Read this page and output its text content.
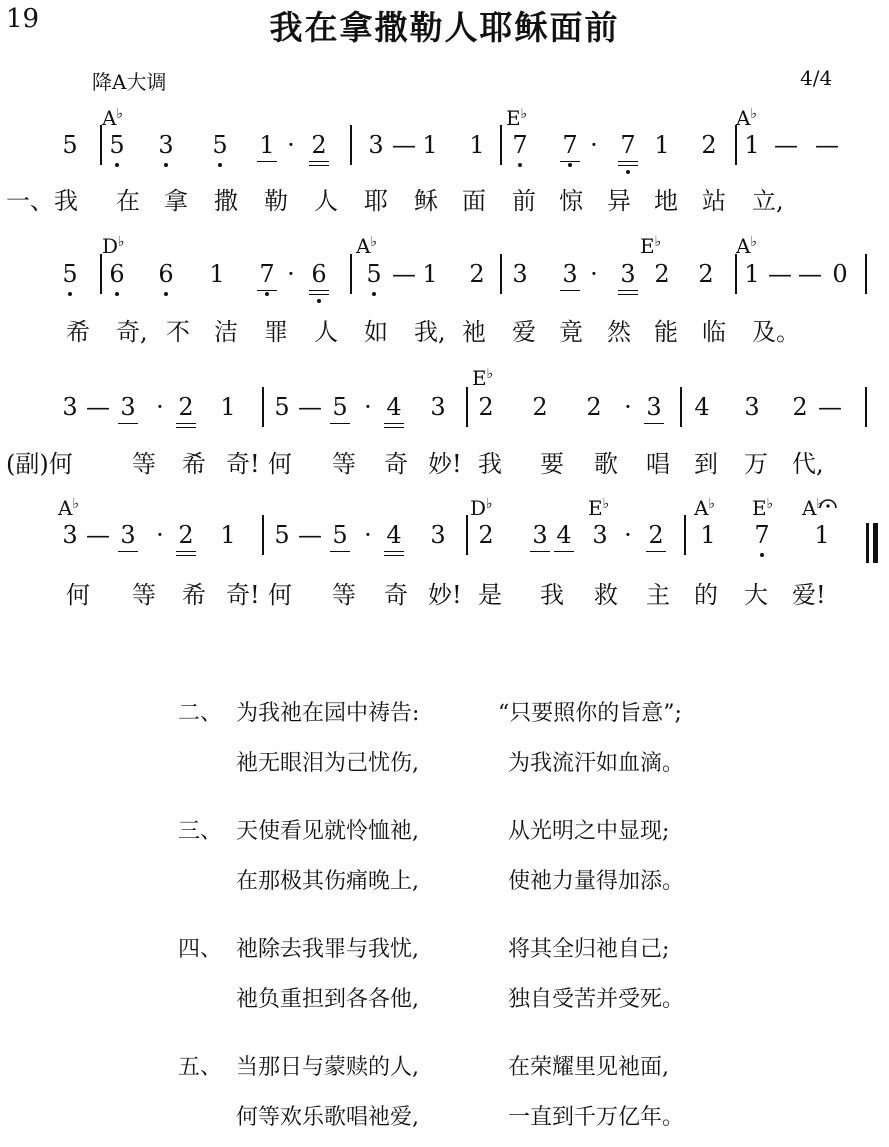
19	我在拿撒勒人耶稣面前
降A大调	4/4
5 5 3 5 1 · 2 3 — 1 1 7 7 · 7 1 2 1 — —
A♭	E♭	A♭
一、我 在 拿 撒 勒 人 耶 稣 面 前 惊 异 地 站 立,
5 6 6 1 7 · 6 5 — 1 2 3 3 · 3 2 2 1 — — 0
D♭	A♭	E♭	A♭
希 奇, 不 洁 罪 人 如 我, 祂 爱 竟 然 能 临 及。
3 — 3 · 2 1 5 — 5 · 4 3 2 2 2 · 3 4 3 2 —
E♭
(副)何 等 希 奇! 何 等 奇 妙! 我 要 歌 唱 到 万 代,
3 — 3 · 2 1 5 — 5 · 4 3 2 3 4 3 · 2 1 7 1
A♭	D♭	E♭	A♭ E♭ A♭
何 等 希 奇! 何 等 奇 妙! 是 我 救 主 的 大 爱!
二、 为我祂在园中祷告:	“只要照你的旨意”;
祂无眼泪为己忧伤,	为我流汗如血滴。
三、 天使看见就怜恤祂,	从光明之中显现;
在那极其伤痛晚上,	使祂力量得加添。
四、 祂除去我罪与我忧,	将其全归祂自己;
祂负重担到各各他,	独自受苦并受死。
五、 当那日与蒙赎的人,	在荣耀里见祂面,
何等欢乐歌唱祂爱,	一直到千万亿年。
